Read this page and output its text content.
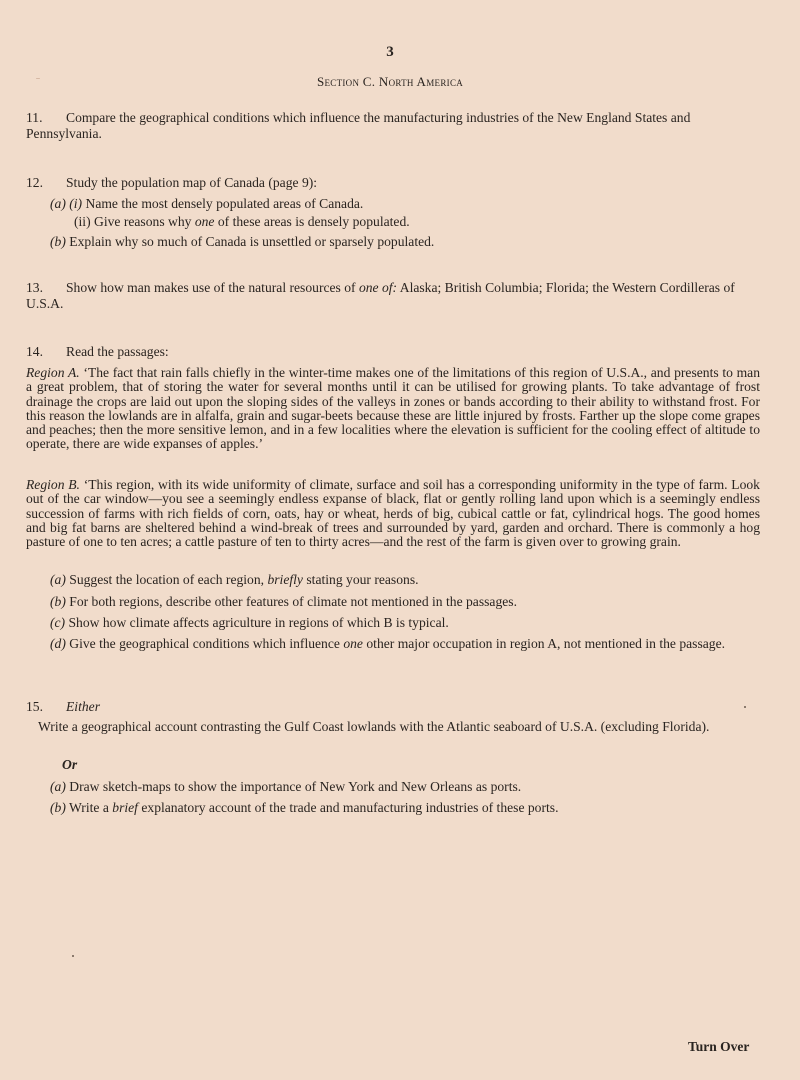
3
Section C. North America
11. Compare the geographical conditions which influence the manufacturing industries of the New England States and Pennsylvania.
12. Study the population map of Canada (page 9):
(a) (i) Name the most densely populated areas of Canada.
(ii) Give reasons why one of these areas is densely populated.
(b) Explain why so much of Canada is unsettled or sparsely populated.
13. Show how man makes use of the natural resources of one of: Alaska; British Columbia; Florida; the Western Cordilleras of U.S.A.
14. Read the passages:
Region A. ‘The fact that rain falls chiefly in the winter-time makes one of the limitations of this region of U.S.A., and presents to man a great problem, that of storing the water for several months until it can be utilised for growing plants. To take advantage of frost drainage the crops are laid out upon the sloping sides of the valleys in zones or bands according to their ability to withstand frost. For this reason the lowlands are in alfalfa, grain and sugar-beets because these are little injured by frosts. Farther up the slope come grapes and peaches; then the more sensitive lemon, and in a few localities where the elevation is sufficient for the cooling effect of altitude to operate, there are wide expanses of apples.’
Region B. ‘This region, with its wide uniformity of climate, surface and soil has a corresponding uniformity in the type of farm. Look out of the car window—you see a seemingly endless expanse of black, flat or gently rolling land upon which is a seemingly endless succession of farms with rich fields of corn, oats, hay or wheat, herds of big, cubical cattle or fat, cylindrical hogs. The good homes and big fat barns are sheltered behind a wind-break of trees and surrounded by yard, garden and orchard. There is commonly a hog pasture of one to ten acres; a cattle pasture of ten to thirty acres—and the rest of the farm is given over to growing grain.
(a) Suggest the location of each region, briefly stating your reasons.
(b) For both regions, describe other features of climate not mentioned in the passages.
(c) Show how climate affects agriculture in regions of which B is typical.
(d) Give the geographical conditions which influence one other major occupation in region A, not mentioned in the passage.
15. Either
Write a geographical account contrasting the Gulf Coast lowlands with the Atlantic seaboard of U.S.A. (excluding Florida).
Or
(a) Draw sketch-maps to show the importance of New York and New Orleans as ports.
(b) Write a brief explanatory account of the trade and manufacturing industries of these ports.
Turn Over
